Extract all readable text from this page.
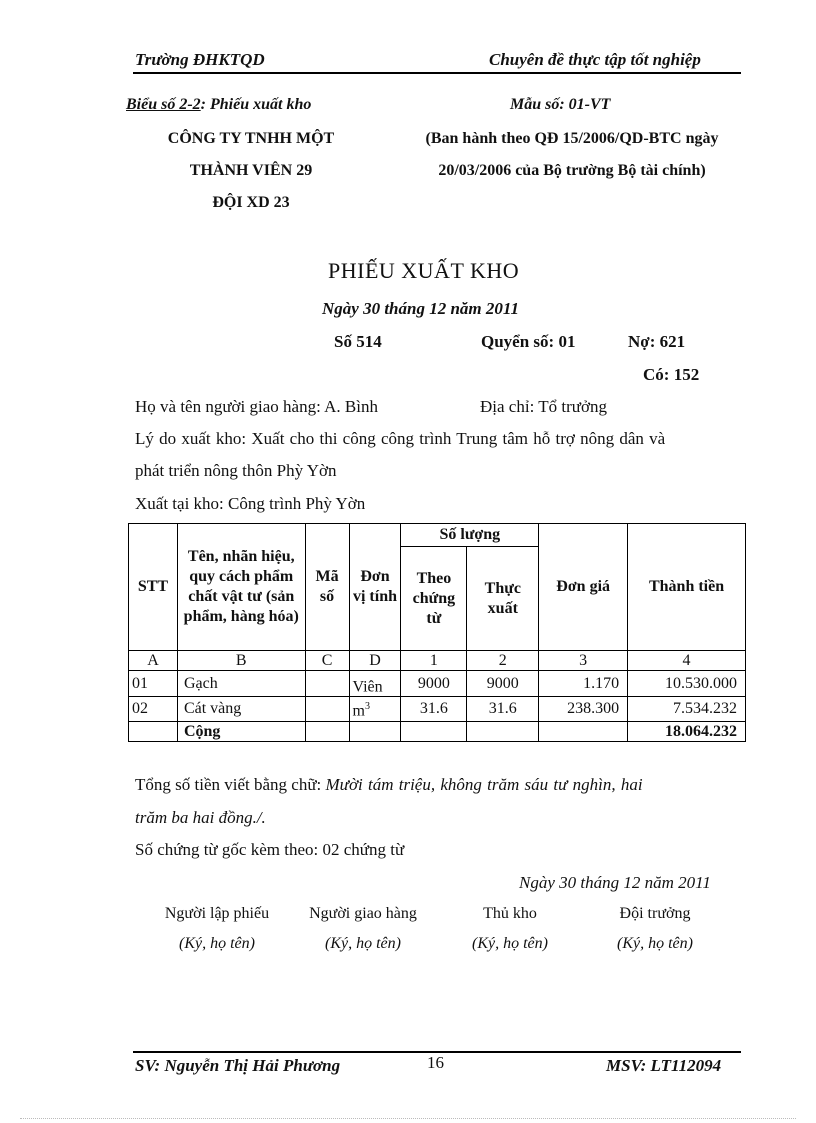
Trường ĐHKTQD	Chuyên đề thực tập tốt nghiệp
Biểu số 2-2: Phiếu xuất kho	Mẫu số: 01-VT
CÔNG TY TNHH MỘT
THÀNH VIÊN 29
ĐỘI XD 23
(Ban hành theo QĐ 15/2006/QD-BTC ngày
20/03/2006 của Bộ trường Bộ tài chính)
PHIẾU XUẤT KHO
Ngày 30 tháng 12 năm 2011
Số 514	Quyển số: 01	Nợ: 621
Có: 152
Họ và tên người giao hàng: A. Bình	Địa chỉ: Tổ trưởng
Lý do xuất kho: Xuất cho thi công công trình Trung tâm hỗ trợ nông dân và
phát triển nông thôn Phỳ Yờn
Xuất tại kho: Công trình Phỳ Yờn
STT	Tên, nhãn hiệu, quy cách phẩm chất vật tư (sản phẩm, hàng hóa)	Mã số	Đơn vị tính	Số lượng		Đơn giá	Thành tiền
				Theo chứng từ	Thực xuất		
A	B	C	D	1	2	3	4
01	Gạch		Viên	9000	9000	1.170	10.530.000
02	Cát vàng		$m^3$	31.6	31.6	238.300	7.534.232
	Cộng						18.064.232
Tổng số tiền viết bằng chữ: Mười tám triệu, không trăm sáu tư nghìn, hai
trăm ba hai đồng./.
Số chứng từ gốc kèm theo: 02 chứng từ
Ngày 30 tháng 12 năm 2011
Người lập phiếu
(Ký, họ tên)
Người giao hàng
(Ký, họ tên)
Thủ kho
(Ký, họ tên)
Đội trưởng
(Ký, họ tên)
SV: Nguyễn Thị Hải Phương	16	MSV: LT112094
